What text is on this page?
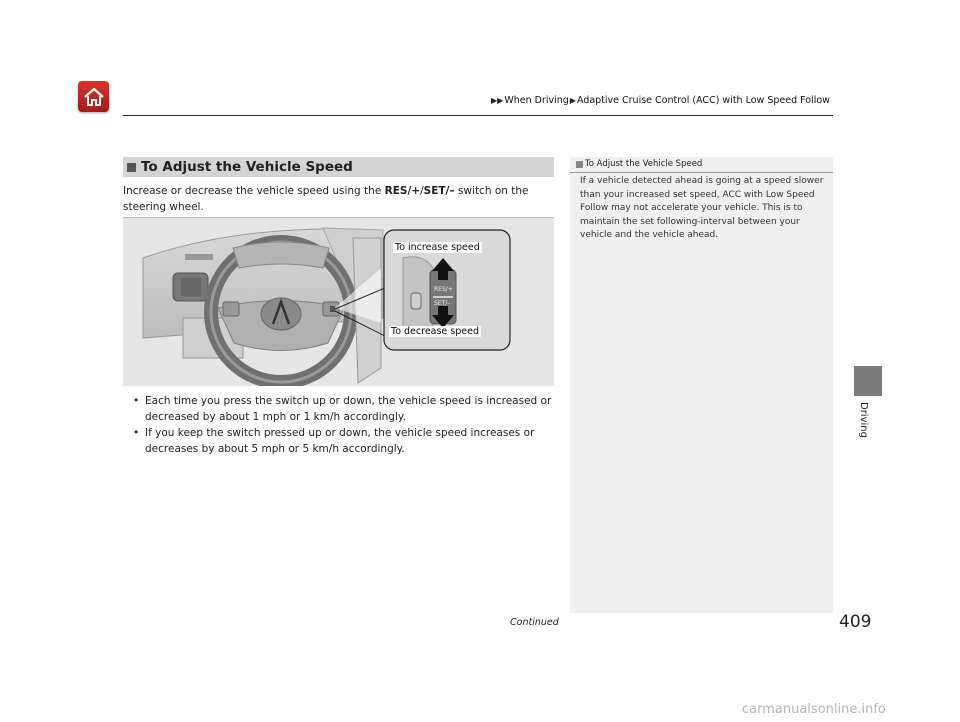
▶▶When Driving▶Adaptive Cruise Control (ACC) with Low Speed Follow
To Adjust the Vehicle Speed
Increase or decrease the vehicle speed using the RES/+/SET/– switch on the steering wheel.
RES/+
SET/–
To increase speed
To decrease speed
• Each time you press the switch up or down, the vehicle speed is increased or decreased by about 1 mph or 1 km/h accordingly.
• If you keep the switch pressed up or down, the vehicle speed increases or decreases by about 5 mph or 5 km/h accordingly.
To Adjust the Vehicle Speed
If a vehicle detected ahead is going at a speed slower than your increased set speed, ACC with Low Speed Follow may not accelerate your vehicle. This is to maintain the set following-interval between your vehicle and the vehicle ahead.
Continued	409
Driving
carmanualsonline.info
